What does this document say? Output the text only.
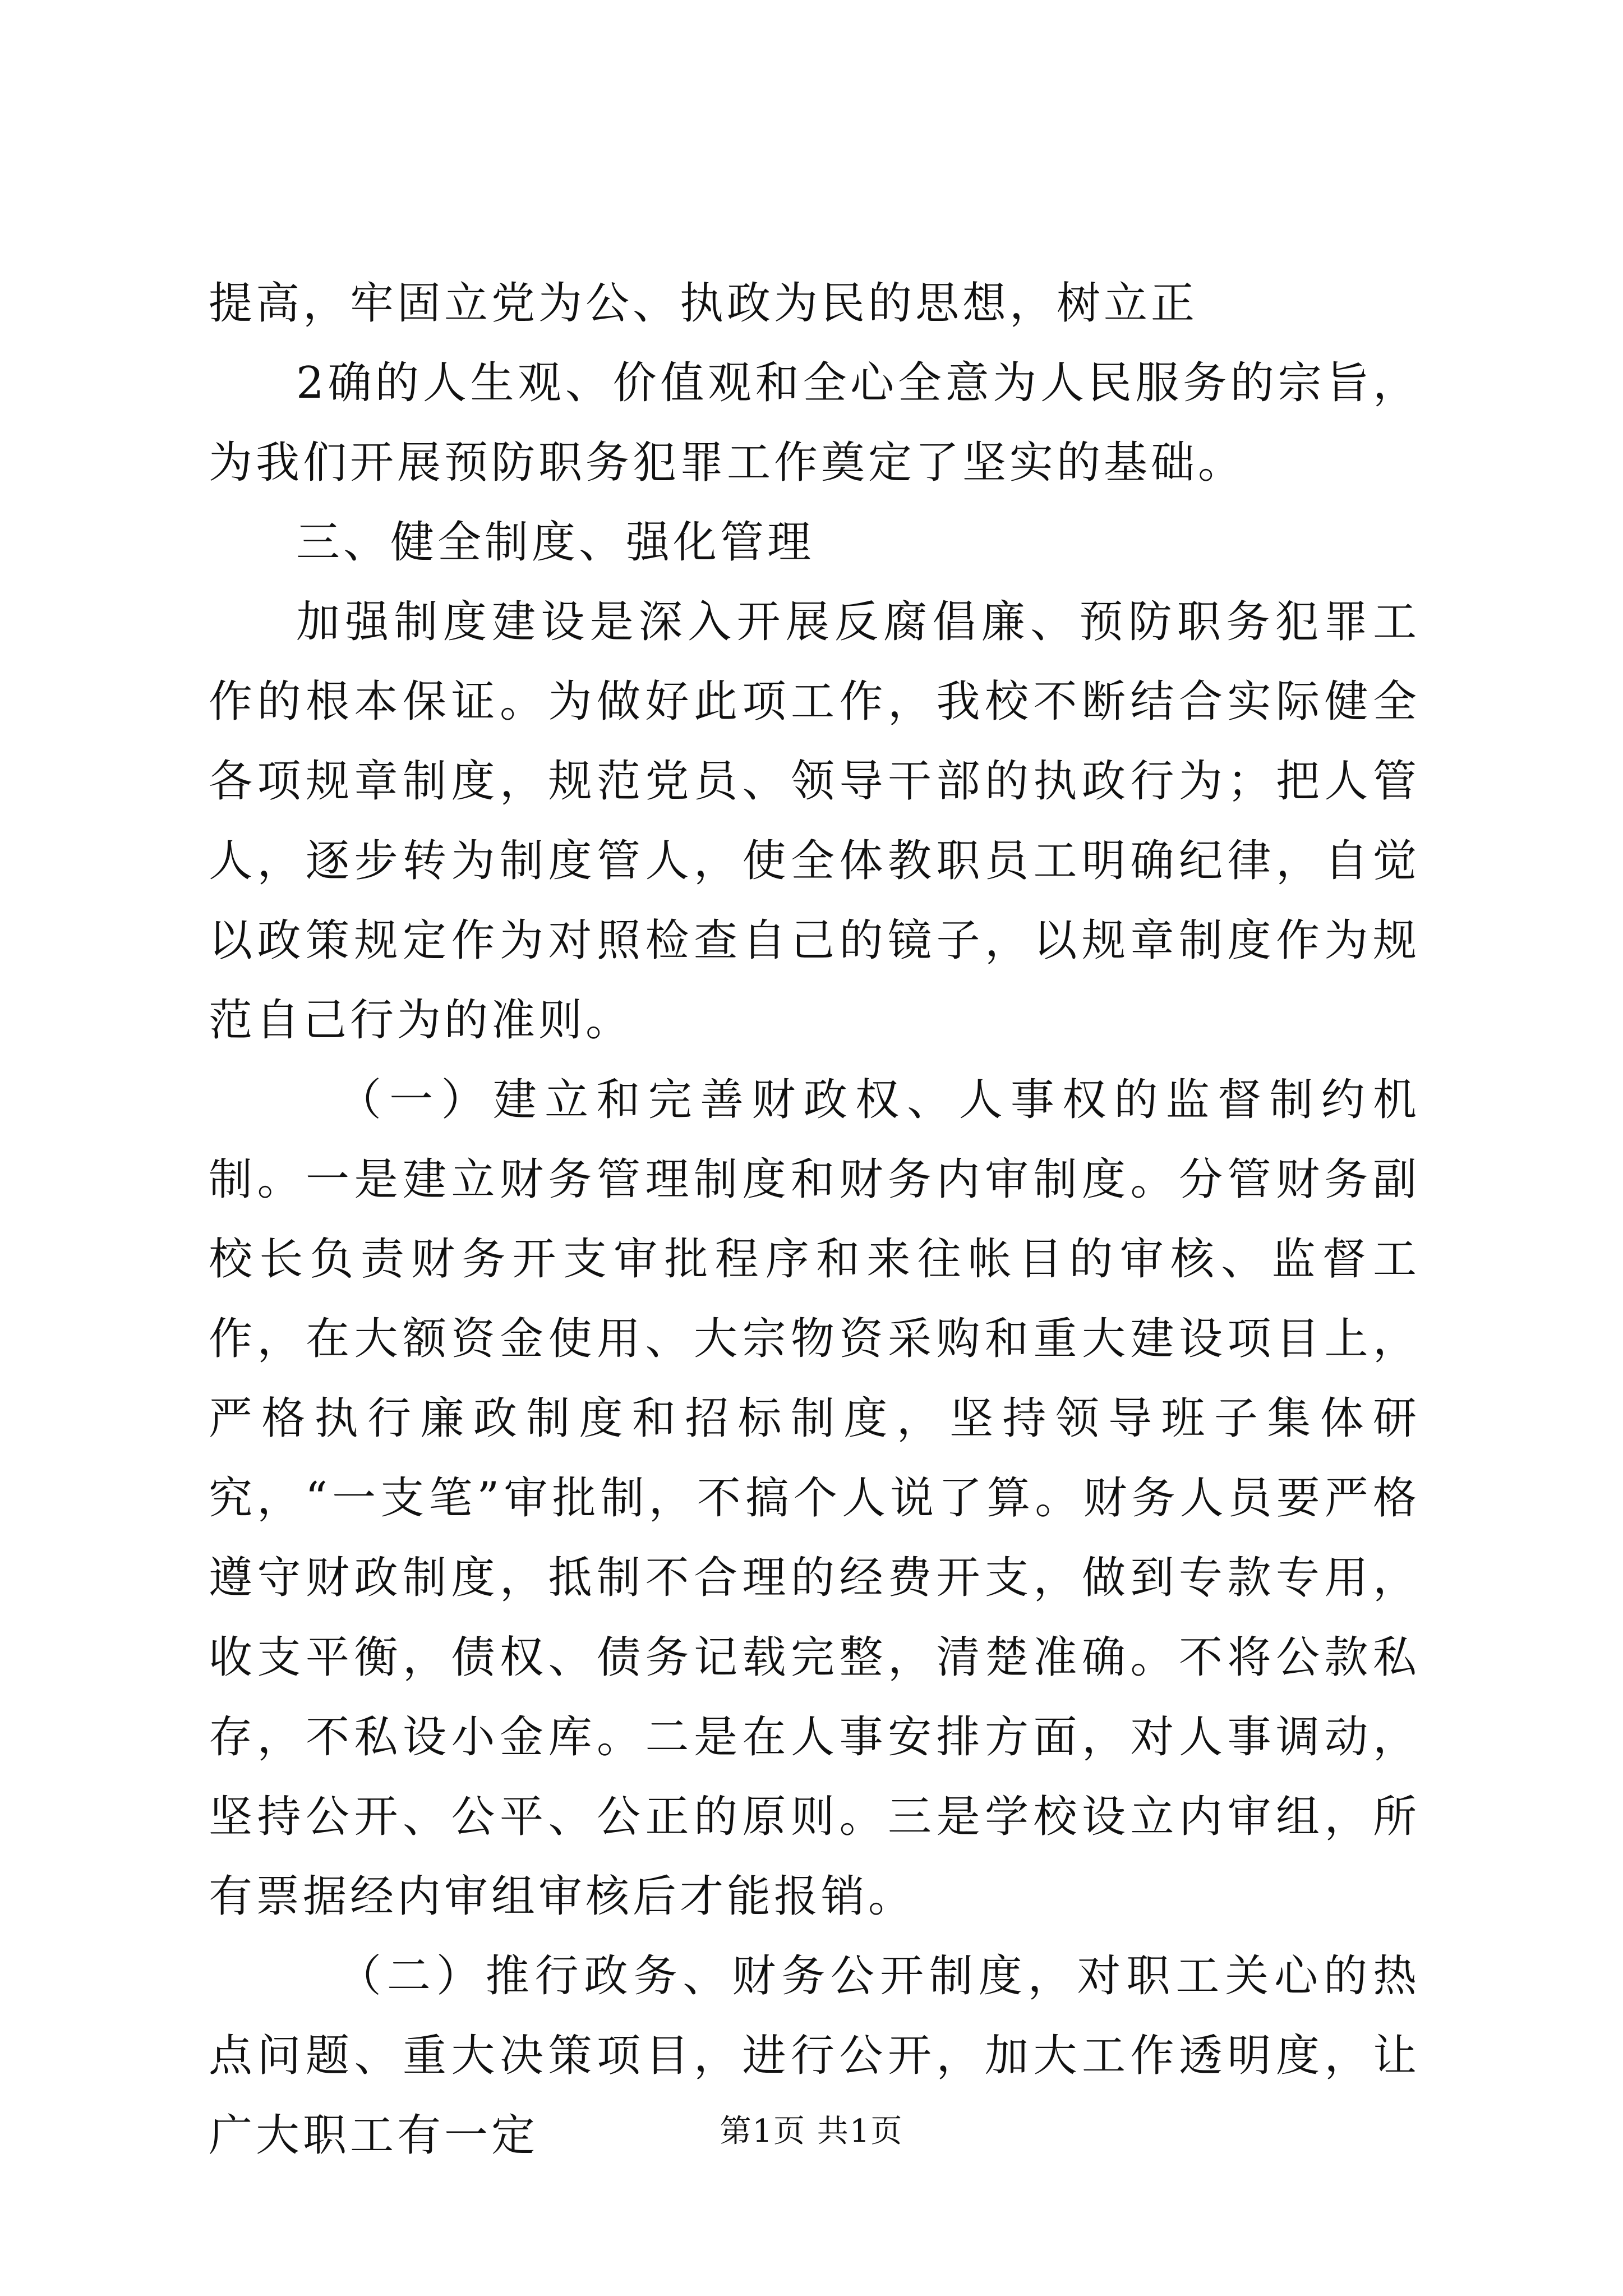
提高，牢固立党为公、执政为民的思想，树立正

2确的人生观、价值观和全心全意为人民服务的宗旨，为我们开展预防职务犯罪工作奠定了坚实的基础。

三、健全制度、强化管理

加强制度建设是深入开展反腐倡廉、预防职务犯罪工作的根本保证。为做好此项工作，我校不断结合实际健全各项规章制度，规范党员、领导干部的执政行为；把人管人，逐步转为制度管人，使全体教职员工明确纪律，自觉以政策规定作为对照检查自己的镜子，以规章制度作为规范自己行为的准则。

（一）建立和完善财政权、人事权的监督制约机制。一是建立财务管理制度和财务内审制度。分管财务副校长负责财务开支审批程序和来往帐目的审核、监督工作，在大额资金使用、大宗物资采购和重大建设项目上，严格执行廉政制度和招标制度，坚持领导班子集体研究，“一支笔”审批制，不搞个人说了算。财务人员要严格遵守财政制度，抵制不合理的经费开支，做到专款专用，收支平衡，债权、债务记载完整，清楚准确。不将公款私存，不私设小金库。二是在人事安排方面，对人事调动，坚持公开、公平、公正的原则。三是学校设立内审组，所有票据经内审组审核后才能报销。

（二）推行政务、财务公开制度，对职工关心的热点问题、重大决策项目，进行公开，加大工作透明度，让广大职工有一定	第1页 共1页
